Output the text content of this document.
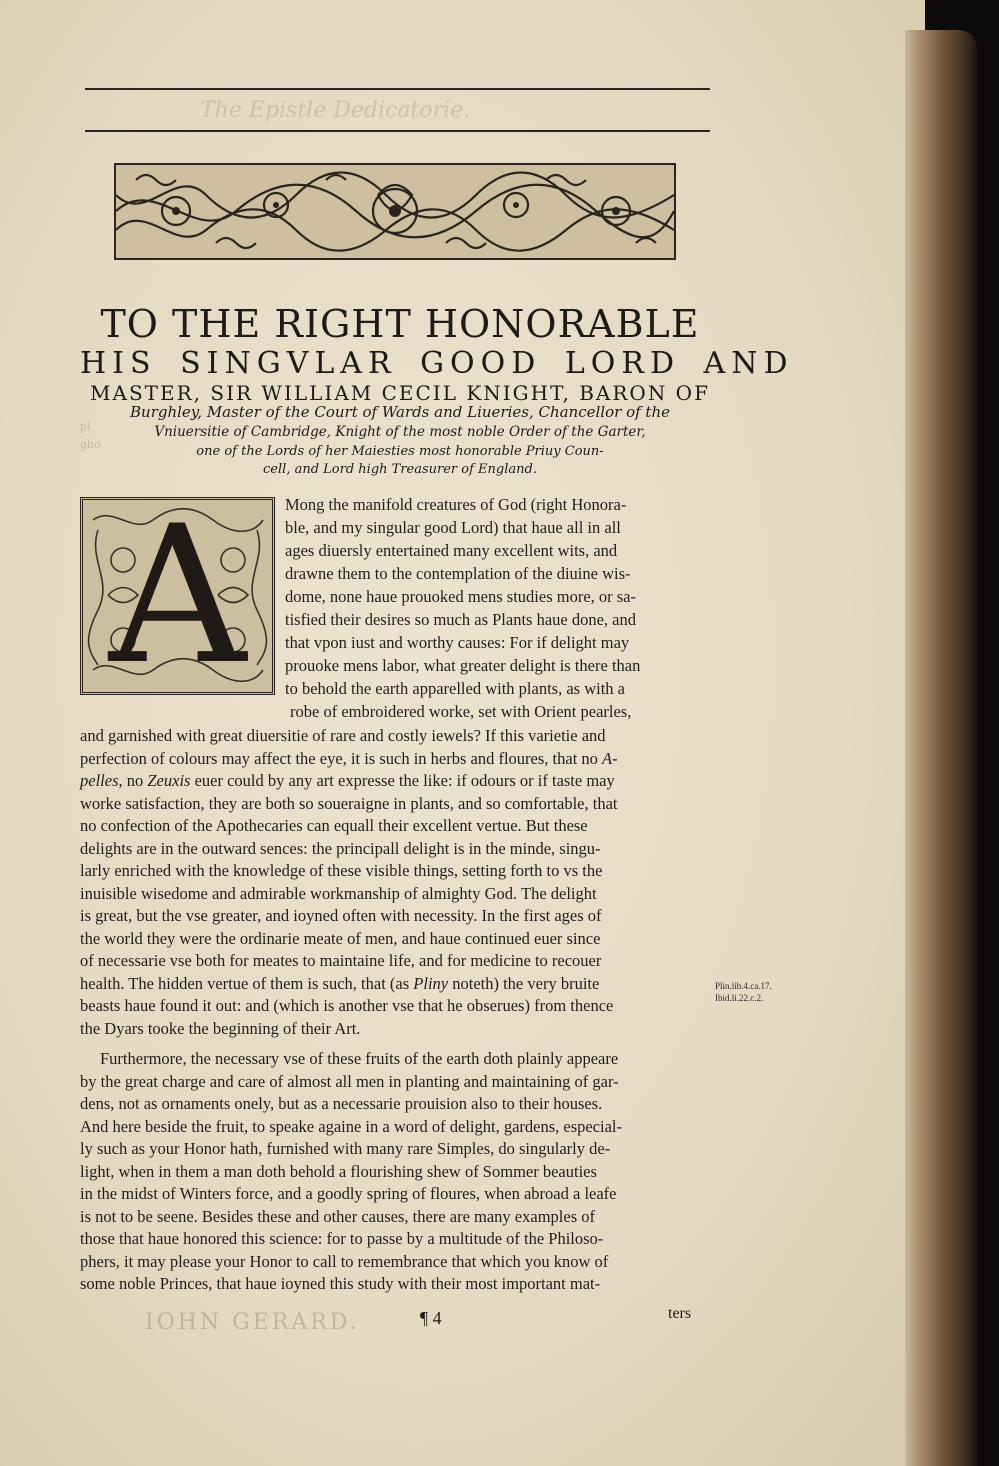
The Epistle Dedicatorie.
TO THE RIGHT HONORABLE
HIS SINGVLAR GOOD LORD AND
MASTER, SIR WILLIAM CECIL KNIGHT, BARON OF
Burghley, Master of the Court of Wards and Liueries, Chancellor of the
Vniuersitie of Cambridge, Knight of the most noble Order of the Garter,
one of the Lords of her Maiesties most honorable Priuy Coun-
cell, and Lord high Treasurer of England.
pl
gho
A	Mong the manifold creatures of God (right Honora-
ble, and my singular good Lord) that haue all in all
ages diuersly entertained many excellent wits, and
drawne them to the contemplation of the diuine wis-
dome, none haue prouoked mens studies more, or sa-
tisfied their desires so much as Plants haue done, and
that vpon iust and worthy causes: For if delight may
prouoke mens labor, what greater delight is there than
to behold the earth apparelled with plants, as with a
robe of embroidered worke, set with Orient pearles,
and garnished with great diuersitie of rare and costly iewels? If this varietie and
perfection of colours may affect the eye, it is such in herbs and floures, that no A-
pelles, no Zeuxis euer could by any art expresse the like: if odours or if taste may
worke satisfaction, they are both so soueraigne in plants, and so comfortable, that
no confection of the Apothecaries can equall their excellent vertue. But these
delights are in the outward sences: the principall delight is in the minde, singu-
larly enriched with the knowledge of these visible things, setting forth to vs the
inuisible wisedome and admirable workmanship of almighty God. The delight
is great, but the vse greater, and ioyned often with necessity. In the first ages of
the world they were the ordinarie meate of men, and haue continued euer since
of necessarie vse both for meates to maintaine life, and for medicine to recouer
health. The hidden vertue of them is such, that (as Pliny noteth) the very bruite
beasts haue found it out: and (which is another vse that he obserues) from thence
the Dyars tooke the beginning of their Art.
Furthermore, the necessary vse of these fruits of the earth doth plainly appeare
by the great charge and care of almost all men in planting and maintaining of gar-
dens, not as ornaments onely, but as a necessarie prouision also to their houses.
And here beside the fruit, to speake againe in a word of delight, gardens, especial-
ly such as your Honor hath, furnished with many rare Simples, do singularly de-
light, when in them a man doth behold a flourishing shew of Sommer beauties
in the midst of Winters force, and a goodly spring of floures, when abroad a leafe
is not to be seene. Besides these and other causes, there are many examples of
those that haue honored this science: for to passe by a multitude of the Philoso-
phers, it may please your Honor to call to remembrance that which you know of
some noble Princes, that haue ioyned this study with their most important mat-
Plin.lib.4.ca.17.
Ibid.li.22.c.2.
IOHN GERARD.	¶ 4	ters
